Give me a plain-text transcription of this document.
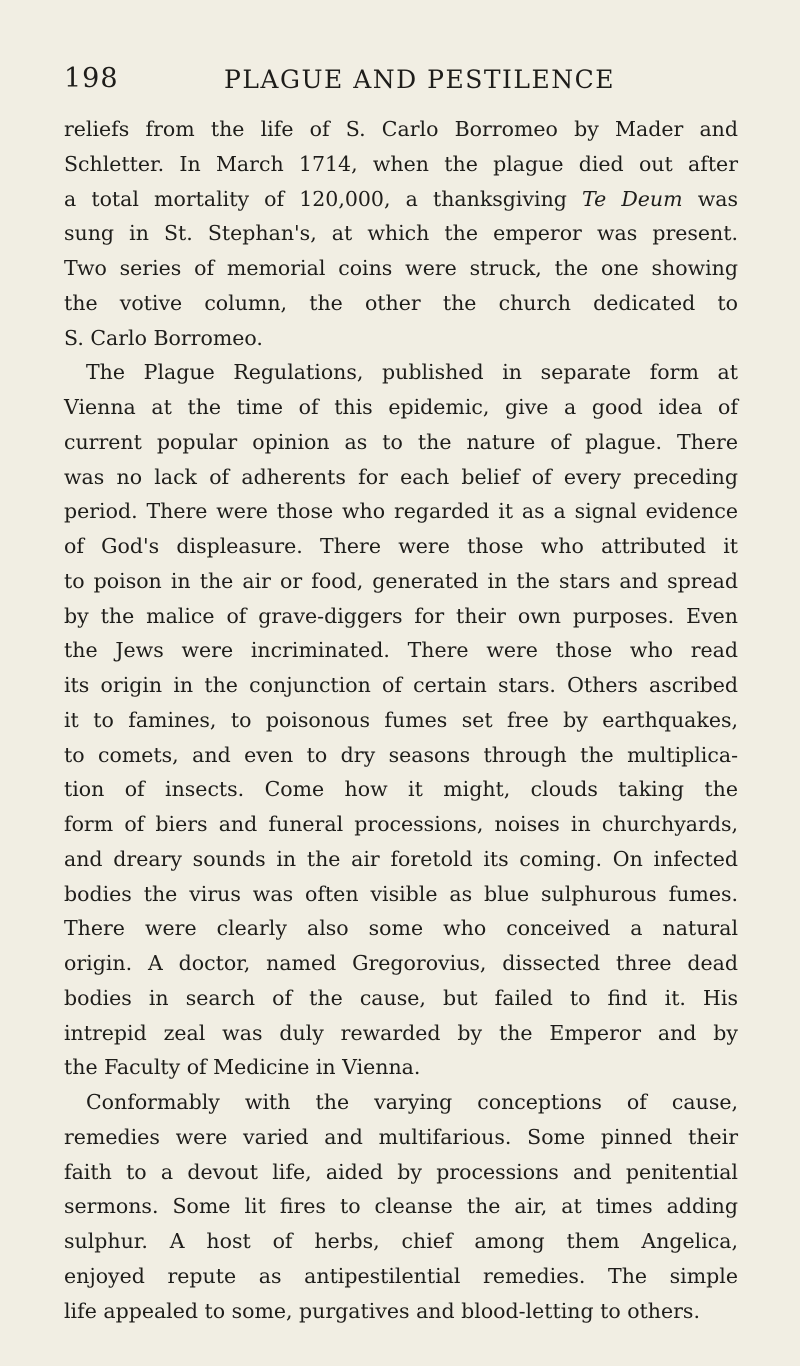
198	PLAGUE AND PESTILENCE

reliefs from the life of S. Carlo Borromeo by Mader and
Schletter. In March 1714, when the plague died out after
a total mortality of 120,000, a thanksgiving Te Deum was
sung in St. Stephan's, at which the emperor was present.
Two series of memorial coins were struck, the one showing
the votive column, the other the church dedicated to
S. Carlo Borromeo.

The Plague Regulations, published in separate form at
Vienna at the time of this epidemic, give a good idea of
current popular opinion as to the nature of plague. There
was no lack of adherents for each belief of every preceding
period. There were those who regarded it as a signal evidence
of God's displeasure. There were those who attributed it
to poison in the air or food, generated in the stars and spread
by the malice of grave-diggers for their own purposes. Even
the Jews were incriminated. There were those who read
its origin in the conjunction of certain stars. Others ascribed
it to famines, to poisonous fumes set free by earthquakes,
to comets, and even to dry seasons through the multiplica-
tion of insects. Come how it might, clouds taking the
form of biers and funeral processions, noises in churchyards,
and dreary sounds in the air foretold its coming. On infected
bodies the virus was often visible as blue sulphurous fumes.
There were clearly also some who conceived a natural
origin. A doctor, named Gregorovius, dissected three dead
bodies in search of the cause, but failed to find it. His
intrepid zeal was duly rewarded by the Emperor and by
the Faculty of Medicine in Vienna.

Conformably with the varying conceptions of cause,
remedies were varied and multifarious. Some pinned their
faith to a devout life, aided by processions and penitential
sermons. Some lit fires to cleanse the air, at times adding
sulphur. A host of herbs, chief among them Angelica,
enjoyed repute as antipestilential remedies. The simple
life appealed to some, purgatives and blood-letting to others.
